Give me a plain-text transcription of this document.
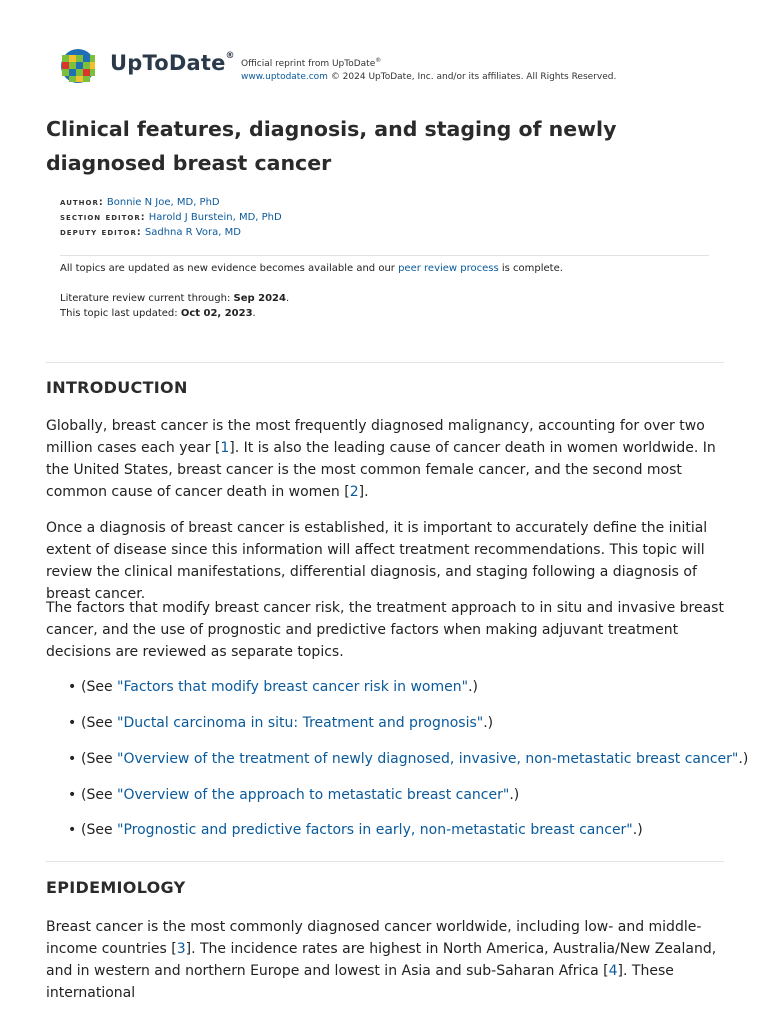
UpToDate®
Official reprint from UpToDate®
www.uptodate.com © 2024 UpToDate, Inc. and/or its affiliates. All Rights Reserved.
Clinical features, diagnosis, and staging of newly diagnosed breast cancer
author: Bonnie N Joe, MD, PhD
section editor: Harold J Burstein, MD, PhD
deputy editor: Sadhna R Vora, MD
All topics are updated as new evidence becomes available and our peer review process is complete.
Literature review current through: Sep 2024.
This topic last updated: Oct 02, 2023.
INTRODUCTION

Globally, breast cancer is the most frequently diagnosed malignancy, accounting for over two million cases each year [1]. It is also the leading cause of cancer death in women worldwide. In the United States, breast cancer is the most common female cancer, and the second most common cause of cancer death in women [2].

Once a diagnosis of breast cancer is established, it is important to accurately define the initial extent of disease since this information will affect treatment recommendations. This topic will review the clinical manifestations, differential diagnosis, and staging following a diagnosis of breast cancer.

The factors that modify breast cancer risk, the treatment approach to in situ and invasive breast cancer, and the use of prognostic and predictive factors when making adjuvant treatment decisions are reviewed as separate topics.

• (See "Factors that modify breast cancer risk in women".)
• (See "Ductal carcinoma in situ: Treatment and prognosis".)
• (See "Overview of the treatment of newly diagnosed, invasive, non-metastatic breast cancer".)
• (See "Overview of the approach to metastatic breast cancer".)
• (See "Prognostic and predictive factors in early, non-metastatic breast cancer".)
EPIDEMIOLOGY

Breast cancer is the most commonly diagnosed cancer worldwide, including low- and middle-income countries [3]. The incidence rates are highest in North America, Australia/New Zealand, and in western and northern Europe and lowest in Asia and sub-Saharan Africa [4]. These international
